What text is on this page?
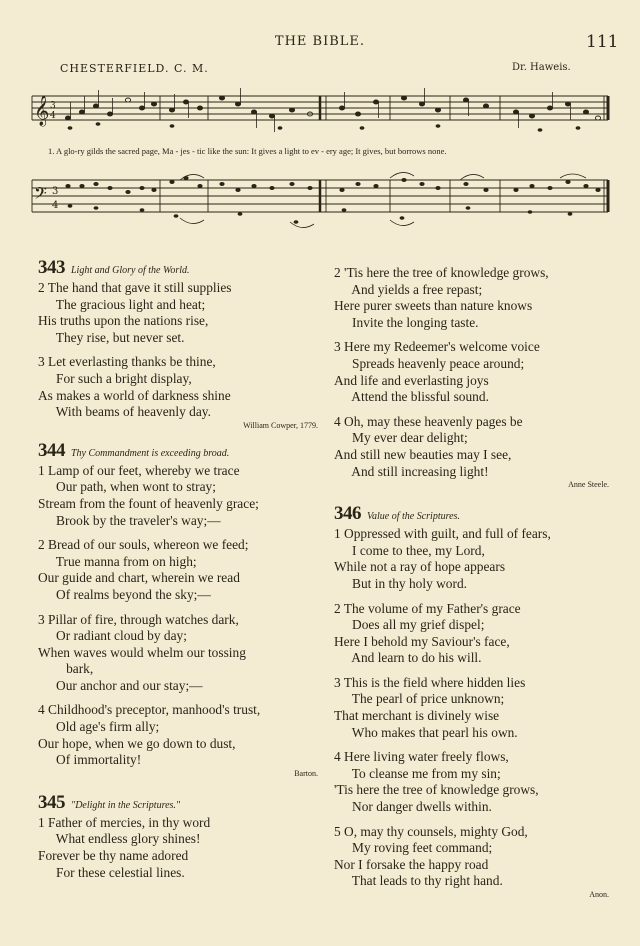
THE BIBLE.	111
CHESTERFIELD. C. M.	Dr. Haweis.
𝄞 3
4
1. A glo-ry gilds the sacred page, Ma - jes - tic like the sun: It gives a light to ev - ery age; It gives, but borrows none.
𝄢 3
4
343 Light and Glory of the World.
2 The hand that gave it still supplies
The gracious light and heat;
His truths upon the nations rise,
They rise, but never set.
3 Let everlasting thanks be thine,
For such a bright display,
As makes a world of darkness shine
With beams of heavenly day.
William Cowper, 1779.
344 Thy Commandment is exceeding broad.
1 Lamp of our feet, whereby we trace
Our path, when wont to stray;
Stream from the fount of heavenly grace;
Brook by the traveler's way;—
2 Bread of our souls, whereon we feed;
True manna from on high;
Our guide and chart, wherein we read
Of realms beyond the sky;—
3 Pillar of fire, through watches dark,
Or radiant cloud by day;
When waves would whelm our tossing
bark,
Our anchor and our stay;—
4 Childhood's preceptor, manhood's trust,
Old age's firm ally;
Our hope, when we go down to dust,
Of immortality!
Barton.
345 "Delight in the Scriptures."
1 Father of mercies, in thy word
What endless glory shines!
Forever be thy name adored
For these celestial lines.
2 'Tis here the tree of knowledge grows,
And yields a free repast;
Here purer sweets than nature knows
Invite the longing taste.
3 Here my Redeemer's welcome voice
Spreads heavenly peace around;
And life and everlasting joys
Attend the blissful sound.
4 Oh, may these heavenly pages be
My ever dear delight;
And still new beauties may I see,
And still increasing light!
Anne Steele.
346 Value of the Scriptures.
1 Oppressed with guilt, and full of fears,
I come to thee, my Lord,
While not a ray of hope appears
But in thy holy word.
2 The volume of my Father's grace
Does all my grief dispel;
Here I behold my Saviour's face,
And learn to do his will.
3 This is the field where hidden lies
The pearl of price unknown;
That merchant is divinely wise
Who makes that pearl his own.
4 Here living water freely flows,
To cleanse me from my sin;
'Tis here the tree of knowledge grows,
Nor danger dwells within.
5 O, may thy counsels, mighty God,
My roving feet command;
Nor I forsake the happy road
That leads to thy right hand.
Anon.
